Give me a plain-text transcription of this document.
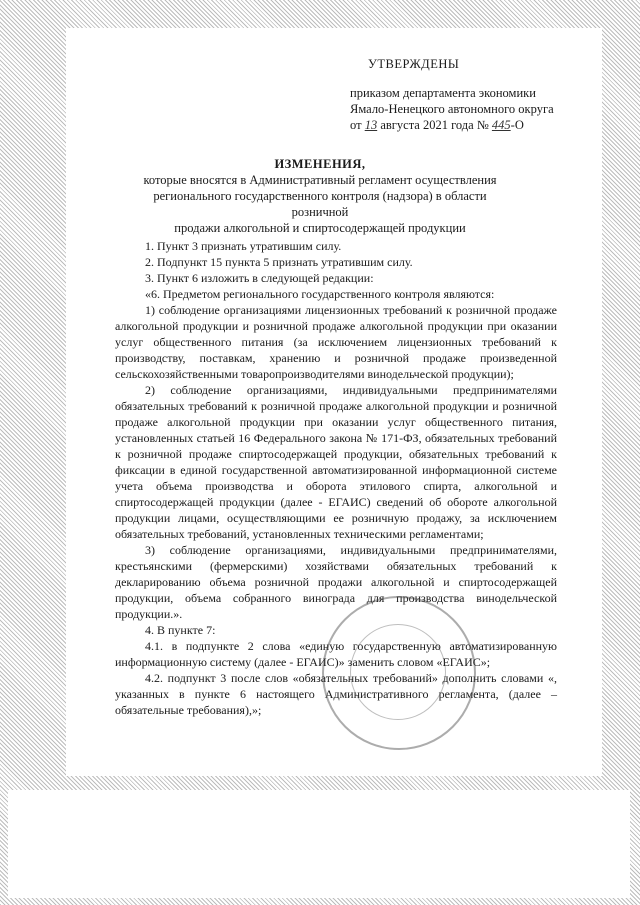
УТВЕРЖДЕНЫ
приказом департамента экономики
Ямало-Ненецкого автономного округа
от 13 августа 2021 года № 445-О
ИЗМЕНЕНИЯ,
которые вносятся в Административный регламент осуществления
регионального государственного контроля (надзора) в области розничной
продажи алкогольной и спиртосодержащей продукции

1. Пункт 3 признать утратившим силу.

2. Подпункт 15 пункта 5 признать утратившим силу.

3. Пункт 6 изложить в следующей редакции:

«6. Предметом регионального государственного контроля являются:

1) соблюдение организациями лицензионных требований к розничной продаже алкогольной продукции и розничной продаже алкогольной продукции при оказании услуг общественного питания (за исключением лицензионных требований к производству, поставкам, хранению и розничной продаже произведенной сельскохозяйственными товаропроизводителями винодельческой продукции);

2) соблюдение организациями, индивидуальными предпринимателями обязательных требований к розничной продаже алкогольной продукции и розничной продаже алкогольной продукции при оказании услуг общественного питания, установленных статьей 16 Федерального закона № 171-ФЗ, обязательных требований к розничной продаже спиртосодержащей продукции, обязательных требований к фиксации в единой государственной автоматизированной информационной системе учета объема производства и оборота этилового спирта, алкогольной и спиртосодержащей продукции (далее - ЕГАИС) сведений об обороте алкогольной продукции лицами, осуществляющими ее розничную продажу, за исключением обязательных требований, установленных техническими регламентами;

3) соблюдение организациями, индивидуальными предпринимателями, крестьянскими (фермерскими) хозяйствами обязательных требований к декларированию объема розничной продажи алкогольной и спиртосодержащей продукции, объема собранного винограда для производства винодельческой продукции.».

4. В пункте 7:

4.1. в подпункте 2 слова «единую государственную автоматизированную информационную систему (далее - ЕГАИС)» заменить словом «ЕГАИС»;

4.2. подпункт 3 после слов «обязательных требований» дополнить словами «, указанных в пункте 6 настоящего Административного регламента, (далее – обязательные требования),»;
